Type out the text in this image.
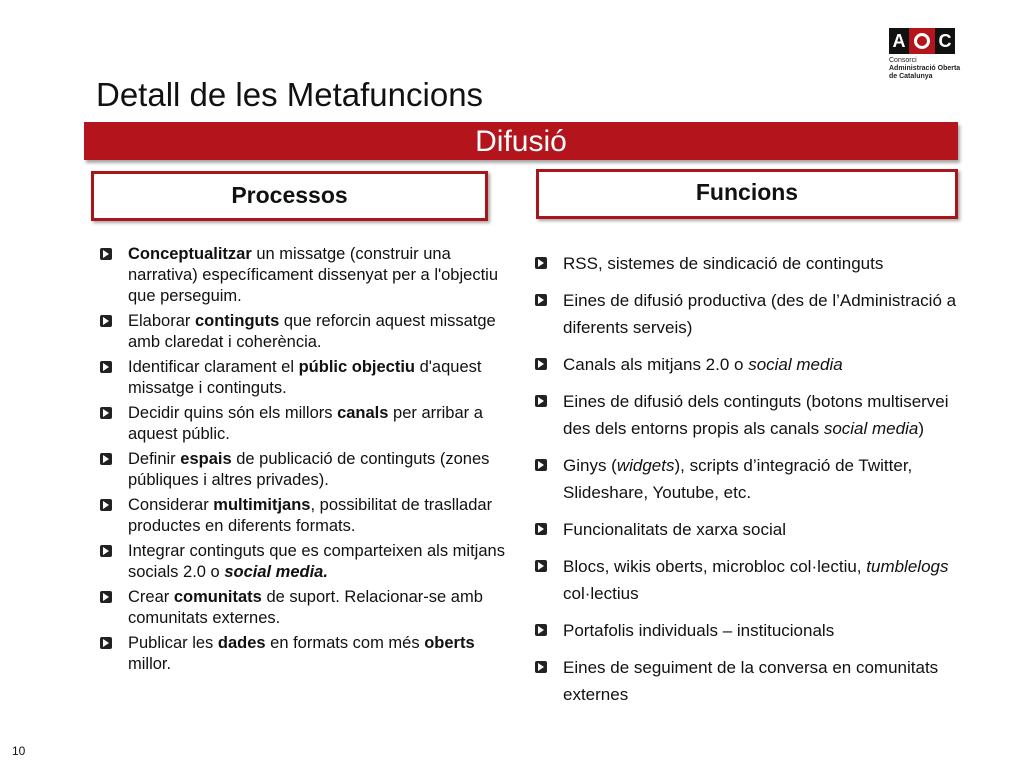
A C
Consorci
Administració Oberta
de Catalunya
Detall de les Metafuncions
Difusió
Processos	Funcions
Conceptualitzar un missatge (construir una narrativa) específicament dissenyat per a l'objectiu que perseguim.
Elaborar continguts que reforcin aquest missatge amb claredat i coherència.
Identificar clarament el públic objectiu d'aquest missatge i continguts.
Decidir quins són els millors canals per arribar a aquest públic.
Definir espais de publicació de continguts (zones públiques i altres privades).
Considerar multimitjans, possibilitat de traslladar productes en diferents formats.
Integrar continguts que es comparteixen als mitjans socials 2.0 o social media.
Crear comunitats de suport. Relacionar-se amb comunitats externes.
Publicar les dades en formats com més oberts millor.
RSS, sistemes de sindicació de continguts
Eines de difusió productiva (des de l’Administració a diferents serveis)
Canals als mitjans 2.0 o social media
Eines de difusió dels continguts (botons multiservei des dels entorns propis als canals social media)
Ginys (widgets), scripts d’integració de Twitter, Slideshare, Youtube, etc.
Funcionalitats de xarxa social
Blocs, wikis oberts, microbloc col·lectiu, tumblelogs col·lectius
Portafolis individuals – institucionals
Eines de seguiment de la conversa en comunitats externes
10
